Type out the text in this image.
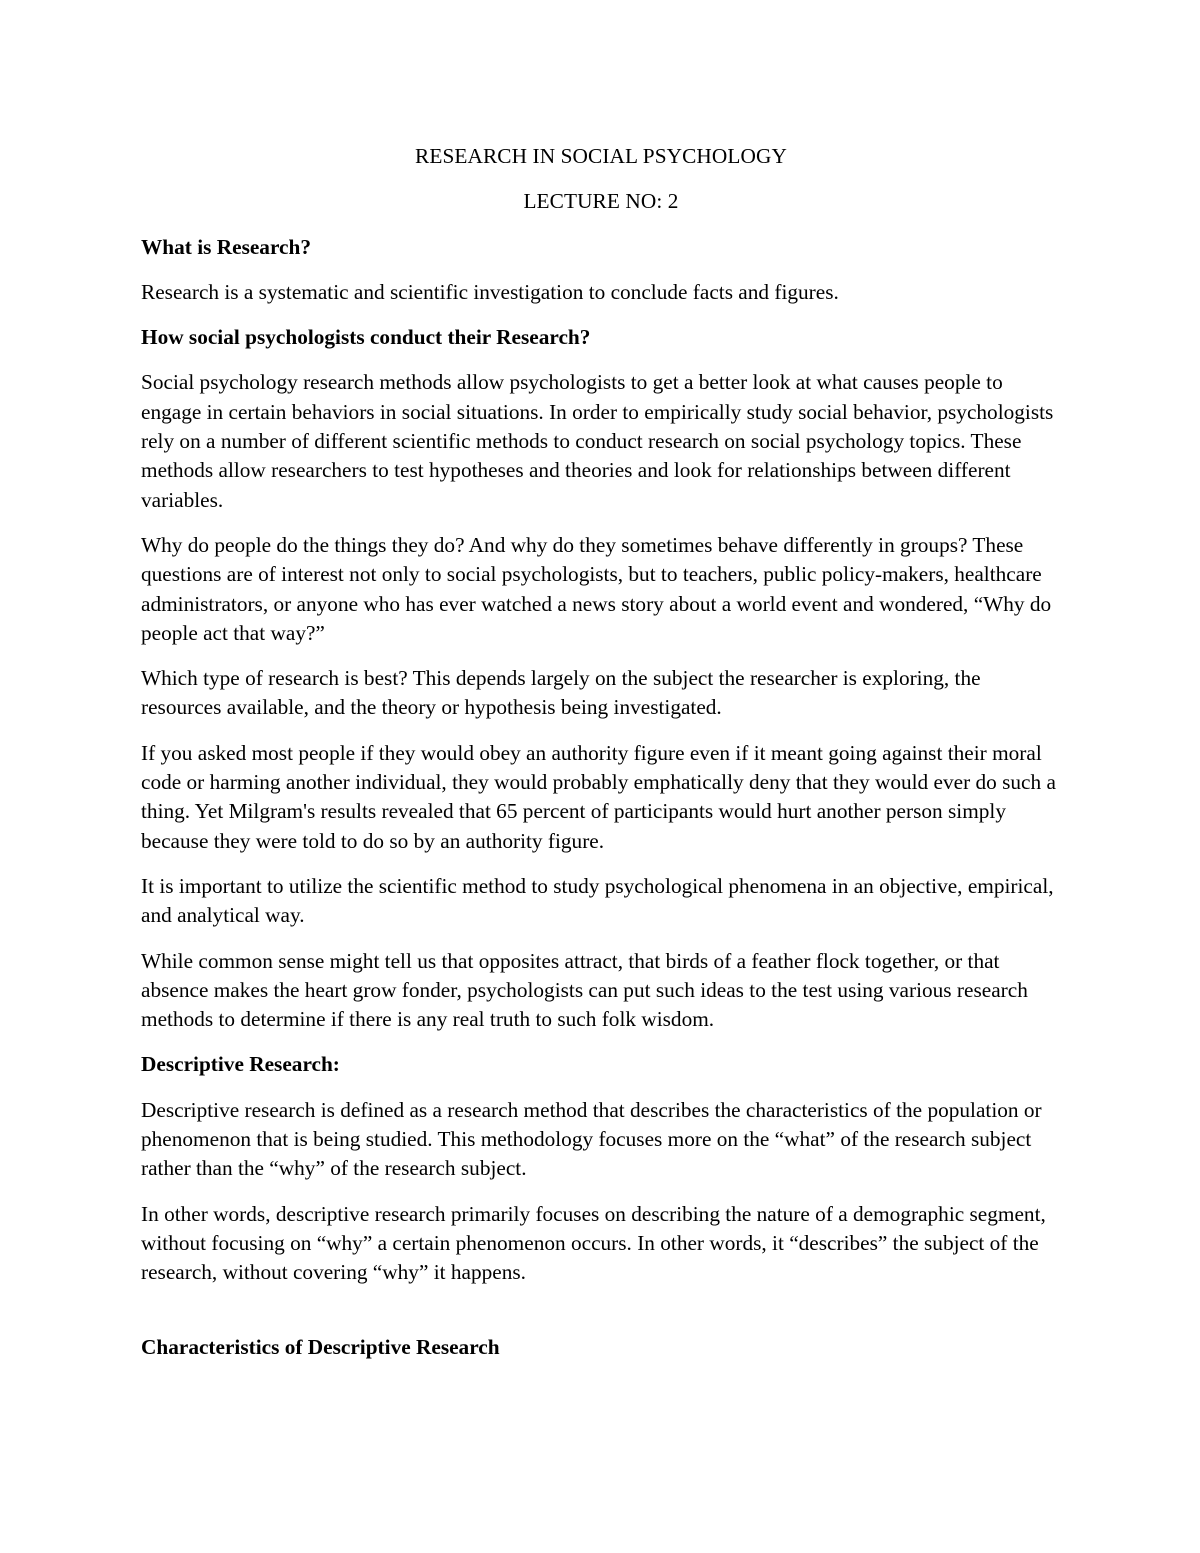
RESEARCH IN SOCIAL PSYCHOLOGY
LECTURE NO: 2
What is Research?
Research is a systematic and scientific investigation to conclude facts and figures.
How social psychologists conduct their Research?
Social psychology research methods allow psychologists to get a better look at what causes people to engage in certain behaviors in social situations. In order to empirically study social behavior, psychologists rely on a number of different scientific methods to conduct research on social psychology topics. These methods allow researchers to test hypotheses and theories and look for relationships between different variables.
Why do people do the things they do? And why do they sometimes behave differently in groups? These questions are of interest not only to social psychologists, but to teachers, public policy-makers, healthcare administrators, or anyone who has ever watched a news story about a world event and wondered, “Why do people act that way?”
Which type of research is best? This depends largely on the subject the researcher is exploring, the resources available, and the theory or hypothesis being investigated.
If you asked most people if they would obey an authority figure even if it meant going against their moral code or harming another individual, they would probably emphatically deny that they would ever do such a thing. Yet Milgram's results revealed that 65 percent of participants would hurt another person simply because they were told to do so by an authority figure.
It is important to utilize the scientific method to study psychological phenomena in an objective, empirical, and analytical way.
While common sense might tell us that opposites attract, that birds of a feather flock together, or that absence makes the heart grow fonder, psychologists can put such ideas to the test using various research methods to determine if there is any real truth to such folk wisdom.
Descriptive Research:
Descriptive research is defined as a research method that describes the characteristics of the population or phenomenon that is being studied. This methodology focuses more on the “what” of the research subject rather than the “why” of the research subject.
In other words, descriptive research primarily focuses on describing the nature of a demographic segment, without focusing on “why” a certain phenomenon occurs. In other words, it “describes” the subject of the research, without covering “why” it happens.
Characteristics of Descriptive Research
